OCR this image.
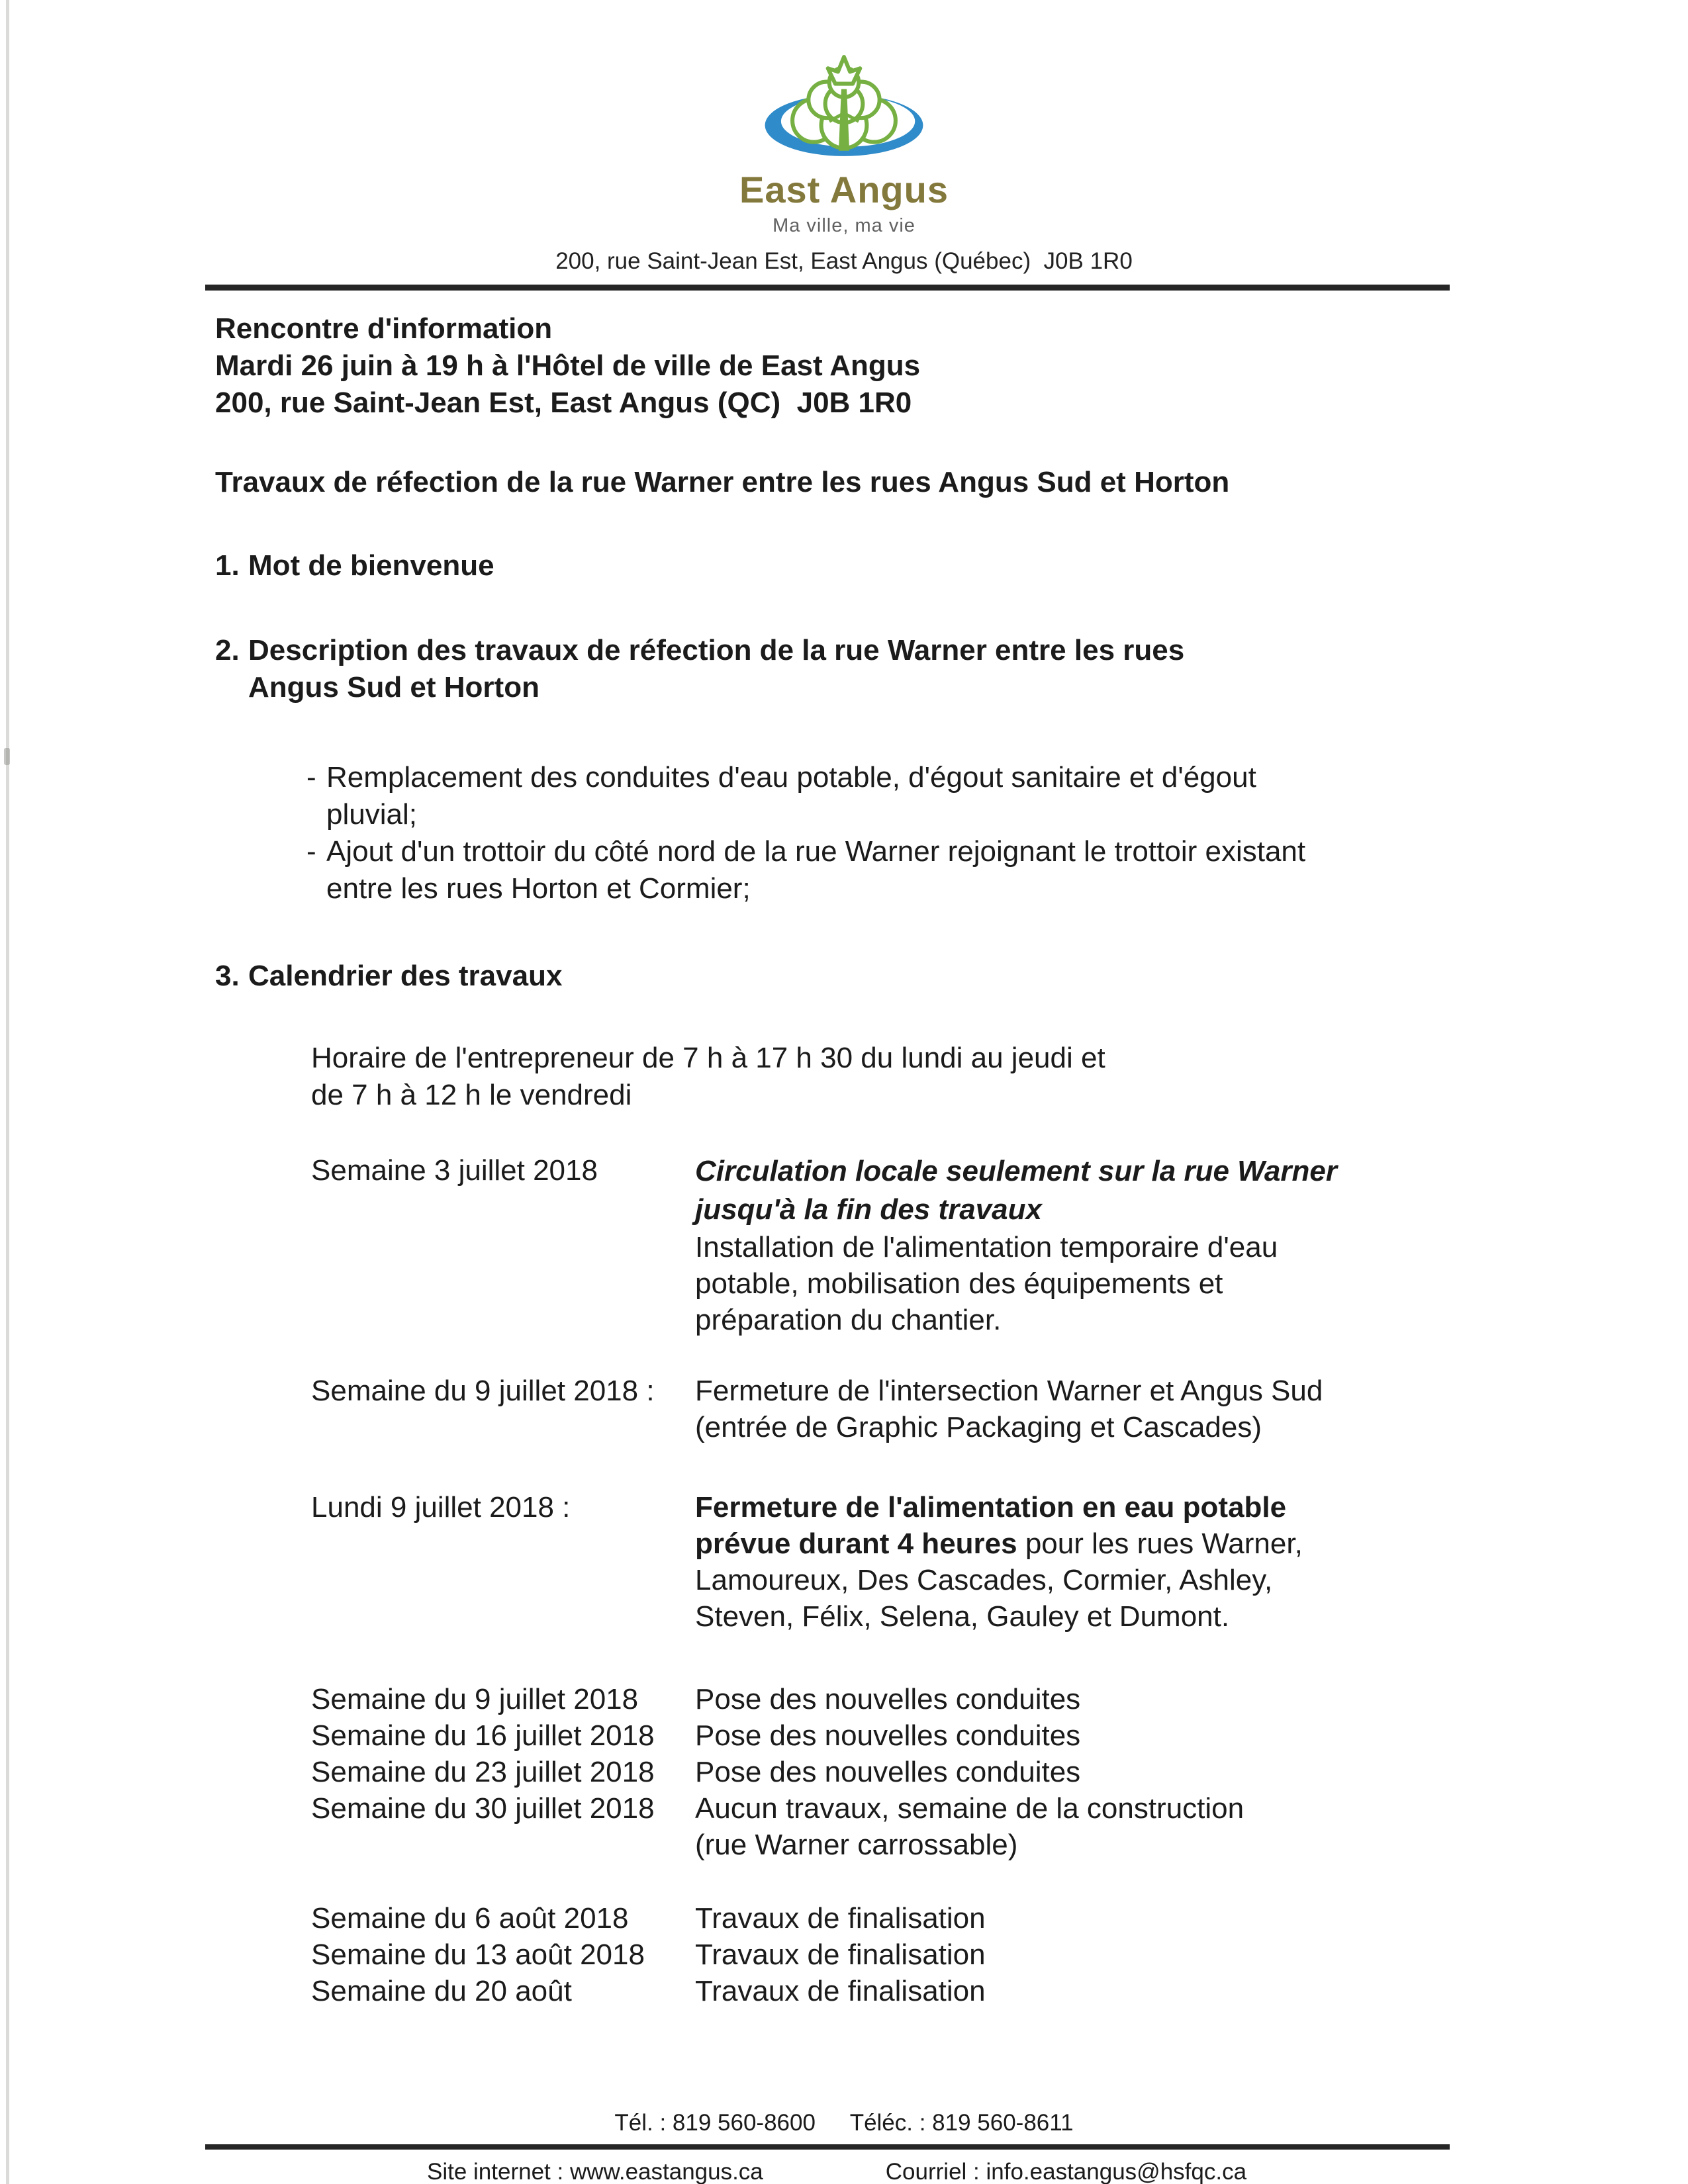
East Angus
Ma ville, ma vie
200, rue Saint-Jean Est, East Angus (Québec)  J0B 1R0
Rencontre d'information
Mardi 26 juin à 19 h à l'Hôtel de ville de East Angus
200, rue Saint-Jean Est, East Angus (QC)  J0B 1R0
Travaux de réfection de la rue Warner entre les rues Angus Sud et Horton
1. Mot de bienvenue
2. Description des travaux de réfection de la rue Warner entre les rues
Angus Sud et Horton
- Remplacement des conduites d'eau potable, d'égout sanitaire et d'égout
pluvial;
- Ajout d'un trottoir du côté nord de la rue Warner rejoignant le trottoir existant
entre les rues Horton et Cormier;
3. Calendrier des travaux
Horaire de l'entrepreneur de 7 h à 17 h 30 du lundi au jeudi et
de 7 h à 12 h le vendredi
Semaine 3 juillet 2018	Circulation locale seulement sur la rue Warner
jusqu'à la fin des travaux
Installation de l'alimentation temporaire d'eau
potable, mobilisation des équipements et
préparation du chantier.
Semaine du 9 juillet 2018 :	Fermeture de l'intersection Warner et Angus Sud
(entrée de Graphic Packaging et Cascades)
Lundi 9 juillet 2018 :	Fermeture de l'alimentation en eau potable
prévue durant 4 heures pour les rues Warner,
Lamoureux, Des Cascades, Cormier, Ashley,
Steven, Félix, Selena, Gauley et Dumont.
Semaine du 9 juillet 2018	Pose des nouvelles conduites
Semaine du 16 juillet 2018	Pose des nouvelles conduites
Semaine du 23 juillet 2018	Pose des nouvelles conduites
Semaine du 30 juillet 2018	Aucun travaux, semaine de la construction
(rue Warner carrossable)
Semaine du 6 août 2018	Travaux de finalisation
Semaine du 13 août 2018	Travaux de finalisation
Semaine du 20 août	Travaux de finalisation
Tél. : 819 560-8600 Téléc. : 819 560-8611
Site internet : www.eastangus.ca	Courriel : info.eastangus@hsfqc.ca
